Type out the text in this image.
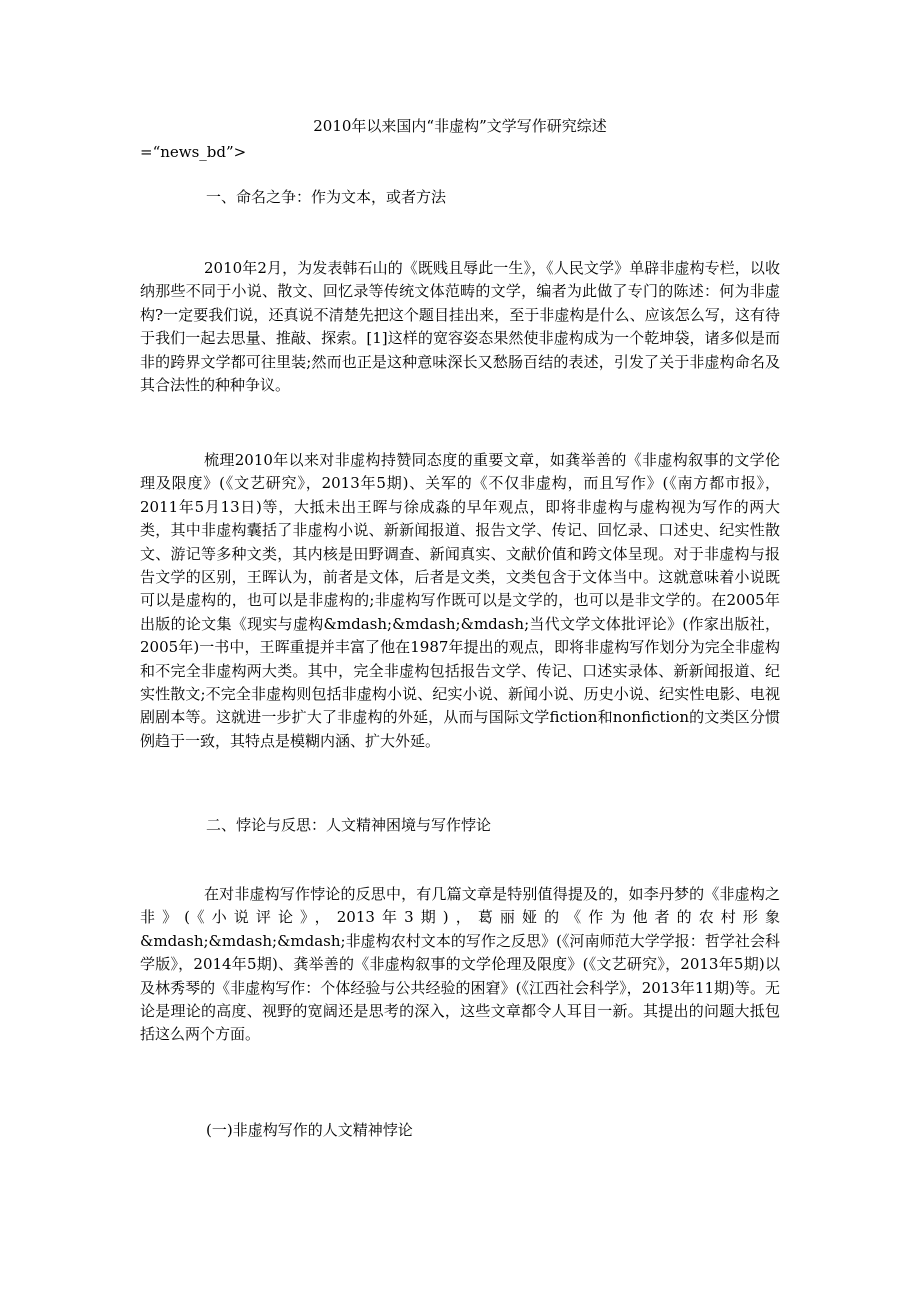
2010年以来国内“非虚构”文学写作研究综述
=“news_bd”>
一、命名之争：作为文本，或者方法

2010年2月，为发表韩石山的《既贱且辱此一生》，《人民文学》单辟非虚构专栏，以收纳那些不同于小说、散文、回忆录等传统文体范畴的文学，编者为此做了专门的陈述：何为非虚构?一定要我们说，还真说不清楚先把这个题目挂出来，至于非虚构是什么、应该怎么写，这有待于我们一起去思量、推敲、探索。[1]这样的宽容姿态果然使非虚构成为一个乾坤袋，诸多似是而非的跨界文学都可往里装;然而也正是这种意味深长又愁肠百结的表述，引发了关于非虚构命名及其合法性的种种争议。

梳理2010年以来对非虚构持赞同态度的重要文章，如龚举善的《非虚构叙事的文学伦理及限度》(《文艺研究》，2013年5期)、关军的《不仅非虚构，而且写作》(《南方都市报》，2011年5月13日)等，大抵未出王晖与徐成淼的早年观点，即将非虚构与虚构视为写作的两大类，其中非虚构囊括了非虚构小说、新新闻报道、报告文学、传记、回忆录、口述史、纪实性散文、游记等多种文类，其内核是田野调查、新闻真实、文献价值和跨文体呈现。对于非虚构与报告文学的区别，王晖认为，前者是文体，后者是文类，文类包含于文体当中。这就意味着小说既可以是虚构的，也可以是非虚构的;非虚构写作既可以是文学的，也可以是非文学的。在2005年出版的论文集《现实与虚构&mdash;&mdash;&mdash;当代文学文体批评论》(作家出版社，2005年)一书中，王晖重提并丰富了他在1987年提出的观点，即将非虚构写作划分为完全非虚构和不完全非虚构两大类。其中，完全非虚构包括报告文学、传记、口述实录体、新新闻报道、纪实性散文;不完全非虚构则包括非虚构小说、纪实小说、新闻小说、历史小说、纪实性电影、电视剧剧本等。这就进一步扩大了非虚构的外延，从而与国际文学fiction和nonfiction的文类区分惯例趋于一致，其特点是模糊内涵、扩大外延。

二、悖论与反思：人文精神困境与写作悖论

在对非虚构写作悖论的反思中，有几篇文章是特别值得提及的，如李丹梦的《非虚构之非》(《小说评论》，2013年3期)，葛丽娅的《作为他者的农村形象&mdash;&mdash;&mdash;非虚构农村文本的写作之反思》(《河南师范大学学报：哲学社会科学版》，2014年5期)、龚举善的《非虚构叙事的文学伦理及限度》(《文艺研究》，2013年5期)以及林秀琴的《非虚构写作：个体经验与公共经验的困窘》(《江西社会科学》，2013年11期)等。无论是理论的高度、视野的宽阔还是思考的深入，这些文章都令人耳目一新。其提出的问题大抵包括这么两个方面。

(一)非虚构写作的人文精神悖论
